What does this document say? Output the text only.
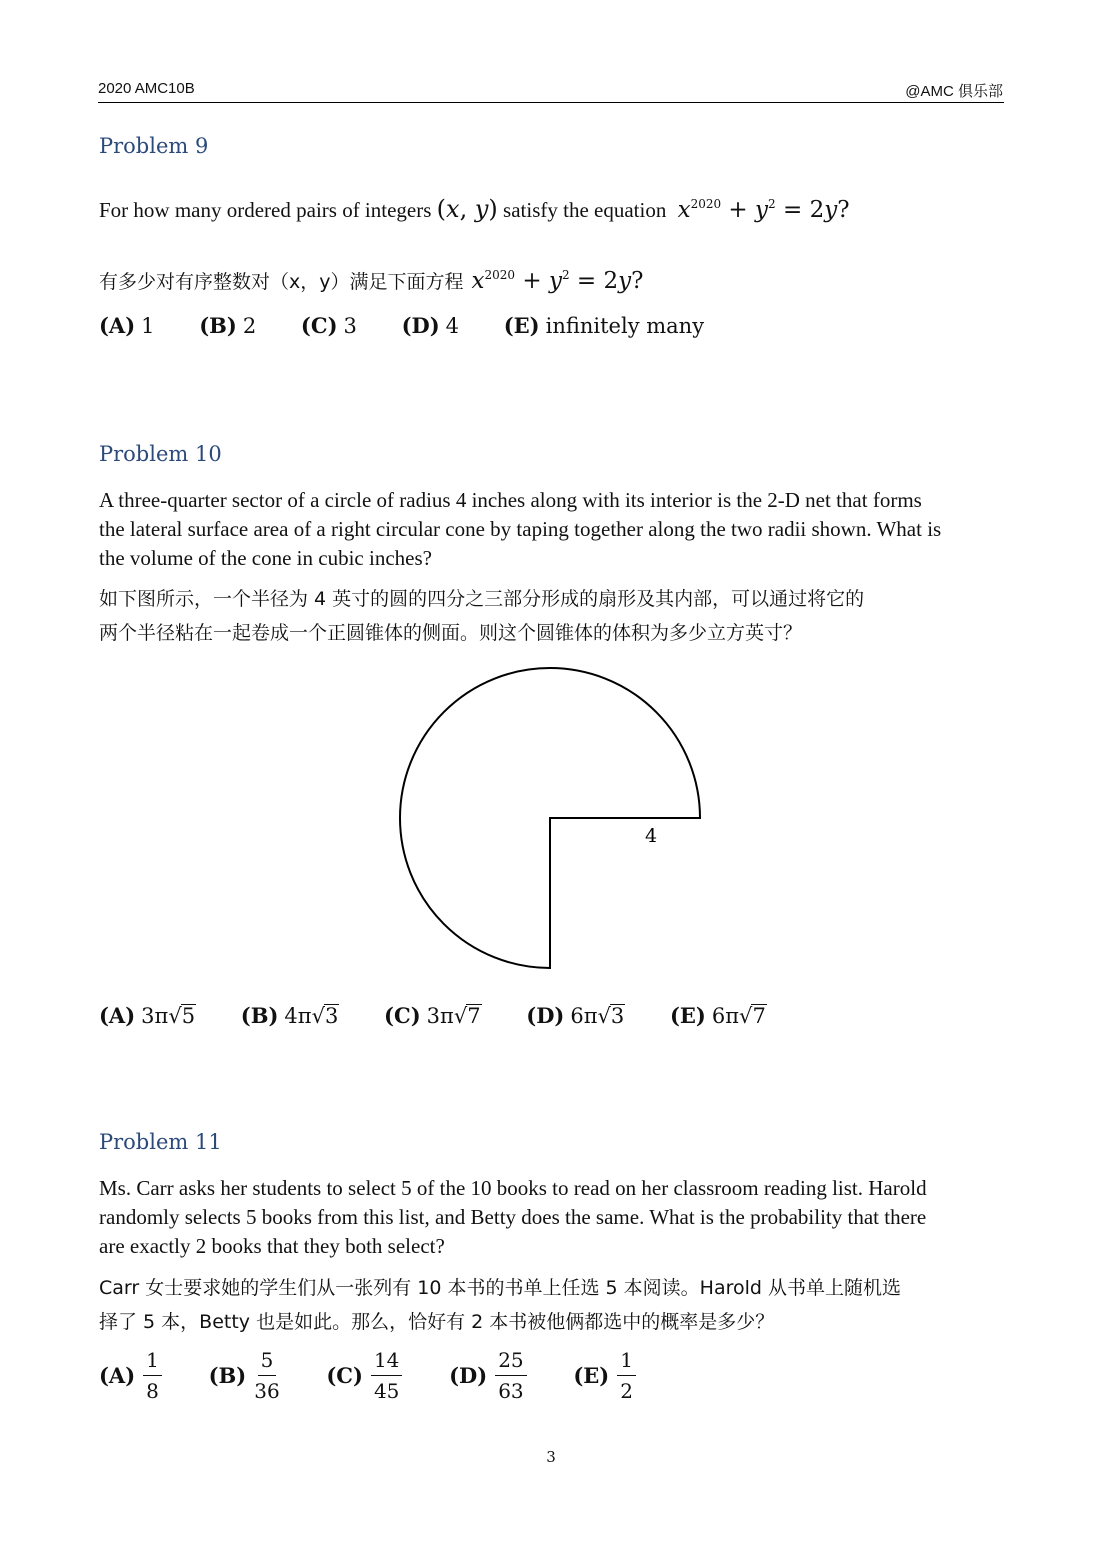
2020 AMC10B	@AMC 俱乐部
Problem 9
For how many ordered pairs of integers (x, y) satisfy the equation $x^{2020} + y^2 = 2y$?
有多少对有序整数对（x，y）满足下面方程 $x^{2020} + y^2 = 2y$?
(A) 1 (B) 2 (C) 3 (D) 4 (E) infinitely many
Problem 10
A three-quarter sector of a circle of radius 4 inches along with its interior is the 2-D net that forms
the lateral surface area of a right circular cone by taping together along the two radii shown. What is
the volume of the cone in cubic inches?
如下图所示，一个半径为 4 英寸的圆的四分之三部分形成的扇形及其内部，可以通过将它的
两个半径粘在一起卷成一个正圆锥体的侧面。则这个圆锥体的体积为多少立方英寸？
4
(A) 3π√5 (B) 4π√3 (C) 3π√7 (D) 6π√3 (E) 6π√7
Problem 11
Ms. Carr asks her students to select 5 of the 10 books to read on her classroom reading list. Harold
randomly selects 5 books from this list, and Betty does the same. What is the probability that there
are exactly 2 books that they both select?
Carr 女士要求她的学生们从一张列有 10 本书的书单上任选 5 本阅读。Harold 从书单上随机选
择了 5 本，Betty 也是如此。那么，恰好有 2 本书被他俩都选中的概率是多少？
$(A) \frac{1}{8}$
$(B) \frac{5}{36}$
$(C) \frac{14}{45}$
$(D) \frac{25}{63}$
$(E) \frac{1}{2}$
3
